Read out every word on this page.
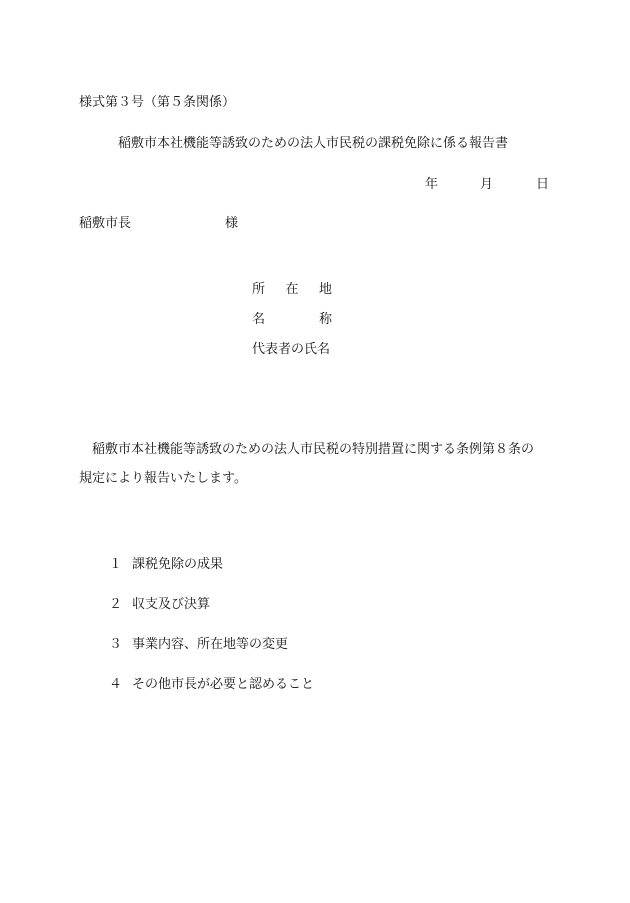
様式第３号（第５条関係）
稲敷市本社機能等誘致のための法人市民税の課税免除に係る報告書
年	月	日
稲敷市長	様
所 在 地
名	称
代表者の氏名
稲敷市本社機能等誘致のための法人市民税の特別措置に関する条例第８条の
規定により報告いたします。
１ 課税免除の成果
２ 収支及び決算
３ 事業内容、所在地等の変更
４ その他市長が必要と認めること
